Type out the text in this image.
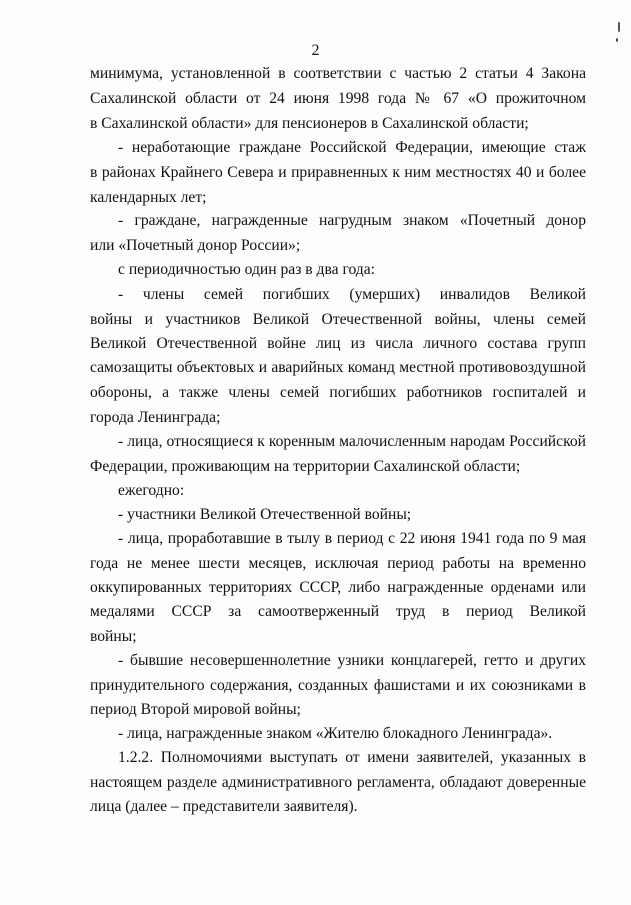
2
минимума, установленной в соответствии с частью 2 статьи 4 Закона
Сахалинской области от 24 июня 1998 года № 67 «О прожиточном
в Сахалинской области» для пенсионеров в Сахалинской области;
- неработающие граждане Российской Федерации, имеющие стаж
в районах Крайнего Севера и приравненных к ним местностях 40 и более
календарных лет;
- граждане, награжденные нагрудным знаком «Почетный донор
или «Почетный донор России»;
с периодичностью один раз в два года:
- члены семей погибших (умерших) инвалидов Великой
войны и участников Великой Отечественной войны, члены семей
Великой Отечественной войне лиц из числа личного состава групп
самозащиты объектовых и аварийных команд местной противовоздушной
обороны, а также члены семей погибших работников госпиталей и
города Ленинграда;
- лица, относящиеся к коренным малочисленным народам Российской
Федерации, проживающим на территории Сахалинской области;
ежегодно:
- участники Великой Отечественной войны;
- лица, проработавшие в тылу в период с 22 июня 1941 года по 9 мая
года не менее шести месяцев, исключая период работы на временно
оккупированных территориях СССР, либо награжденные орденами или
медалями СССР за самоотверженный труд в период Великой
войны;
- бывшие несовершеннолетние узники концлагерей, гетто и других
принудительного содержания, созданных фашистами и их союзниками в
период Второй мировой войны;
- лица, награжденные знаком «Жителю блокадного Ленинграда».
1.2.2. Полномочиями выступать от имени заявителей, указанных в
настоящем разделе административного регламента, обладают доверенные
лица (далее – представители заявителя).
